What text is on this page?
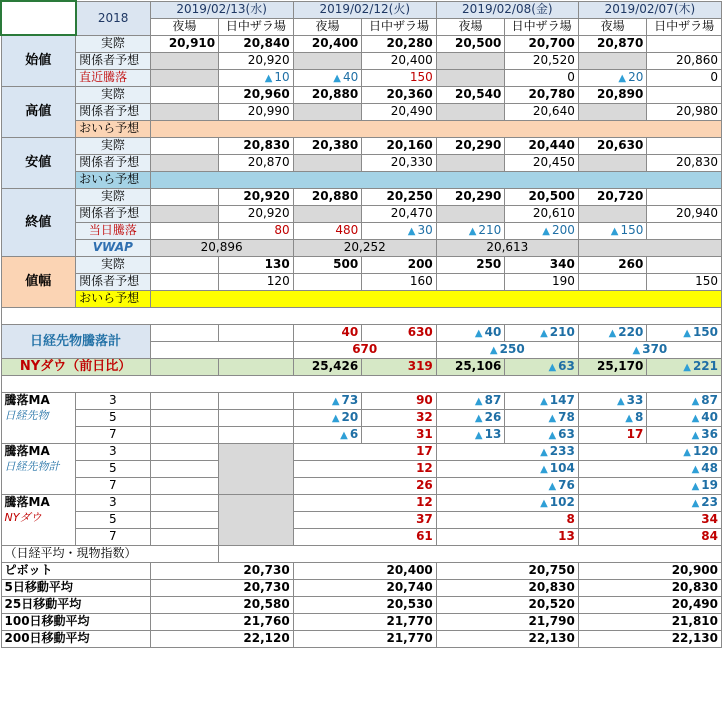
	2018	2019/02/13(水)		2019/02/12(火)		2019/02/08(金)		2019/02/07(木)	
		夜場	日中ザラ場	夜場	日中ザラ場	夜場	日中ザラ場	夜場	日中ザラ場
始値	実際	20,910	20,840	20,400	20,280	20,500	20,700	20,870	
	関係者予想		20,920		20,400		20,520		20,860
	直近騰落		▲ 10	▲ 40	150		0	▲ 20	0
高値	実際		20,960	20,880	20,360	20,540	20,780	20,890	
	関係者予想		20,990		20,490		20,640		20,980
	おいら予想								
安値	実際		20,830	20,380	20,160	20,290	20,440	20,630	
	関係者予想		20,870		20,330		20,450		20,830
	おいら予想								
終値	実際		20,920	20,880	20,250	20,290	20,500	20,720	
	関係者予想		20,920		20,470		20,610		20,940
	当日騰落		80	480	▲ 30	▲ 210	▲ 200	▲ 150	
	VWAP	20,896		20,252		20,613			
値幅	実際		130	500	200	250	340	260	
	関係者予想		120		160		190		150
	おいら予想								

日経先物騰落計				40	630	▲ 40	▲ 210	▲ 220	▲ 150
				670		▲ 250		▲ 370	
NYダウ（前日比）				25,426	319	25,106	▲ 63	25,170	▲ 221

騰落MA
日経先物	3			▲ 73	90	▲ 87	▲ 147	▲ 33	▲ 87
	5			▲ 20	32	▲ 26	▲ 78	▲ 8	▲ 40
	7			▲ 6	31	▲ 13	▲ 63	17	▲ 36
騰落MA
日経先物計	3			17		▲ 233		▲ 120	
	5			12		▲ 104		▲ 48	
	7			26		▲ 76		▲ 19	
騰落MA
NYダウ	3			12		▲ 102		▲ 23	
	5			37		8		34	
	7			61		13		84	
（日経平均・現物指数）									
ピボット		20,730		20,400		20,750		20,900	
5日移動平均		20,730		20,740		20,830		20,830	
25日移動平均		20,580		20,530		20,520		20,490	
100日移動平均		21,760		21,770		21,790		21,810	
200日移動平均		22,120		21,770		22,130		22,130	
